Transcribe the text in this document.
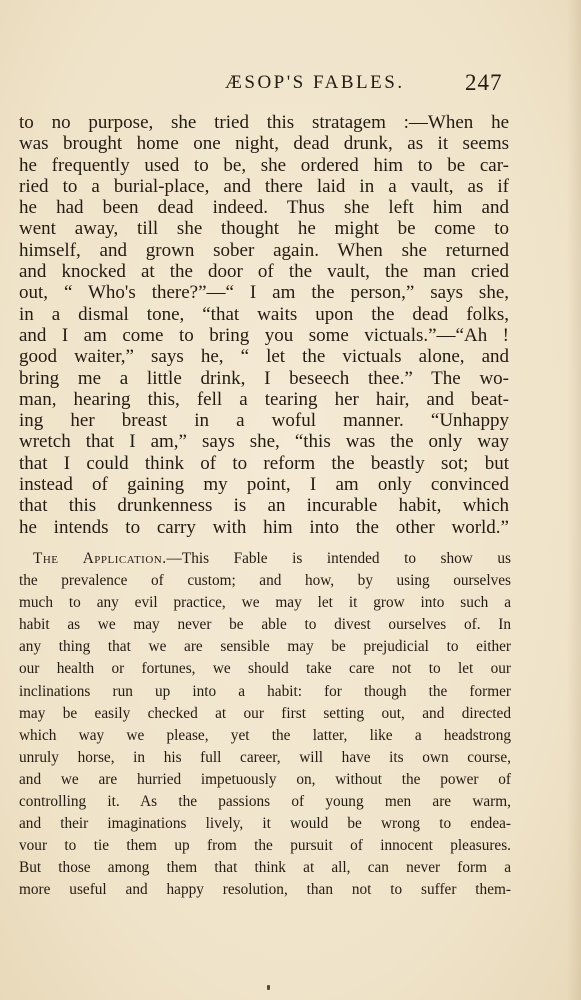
ÆSOP'S FABLES.	247
to no purpose, she tried this stratagem :—When he
was brought home one night, dead drunk, as it seems
he frequently used to be, she ordered him to be car-
ried to a burial-place, and there laid in a vault, as if
he had been dead indeed. Thus she left him and
went away, till she thought he might be come to
himself, and grown sober again. When she returned
and knocked at the door of the vault, the man cried
out, “ Who's there?”—“ I am the person,” says she,
in a dismal tone, “that waits upon the dead folks,
and I am come to bring you some victuals.”—“Ah !
good waiter,” says he, “ let the victuals alone, and
bring me a little drink, I beseech thee.” The wo-
man, hearing this, fell a tearing her hair, and beat-
ing her breast in a woful manner. “Unhappy
wretch that I am,” says she, “this was the only way
that I could think of to reform the beastly sot; but
instead of gaining my point, I am only convinced
that this drunkenness is an incurable habit, which
he intends to carry with him into the other world.”
The Application.—This Fable is intended to show us
the prevalence of custom; and how, by using ourselves
much to any evil practice, we may let it grow into such a
habit as we may never be able to divest ourselves of. In
any thing that we are sensible may be prejudicial to either
our health or fortunes, we should take care not to let our
inclinations run up into a habit: for though the former
may be easily checked at our first setting out, and directed
which way we please, yet the latter, like a headstrong
unruly horse, in his full career, will have its own course,
and we are hurried impetuously on, without the power of
controlling it. As the passions of young men are warm,
and their imaginations lively, it would be wrong to endea-
vour to tie them up from the pursuit of innocent pleasures.
But those among them that think at all, can never form a
more useful and happy resolution, than not to suffer them-
